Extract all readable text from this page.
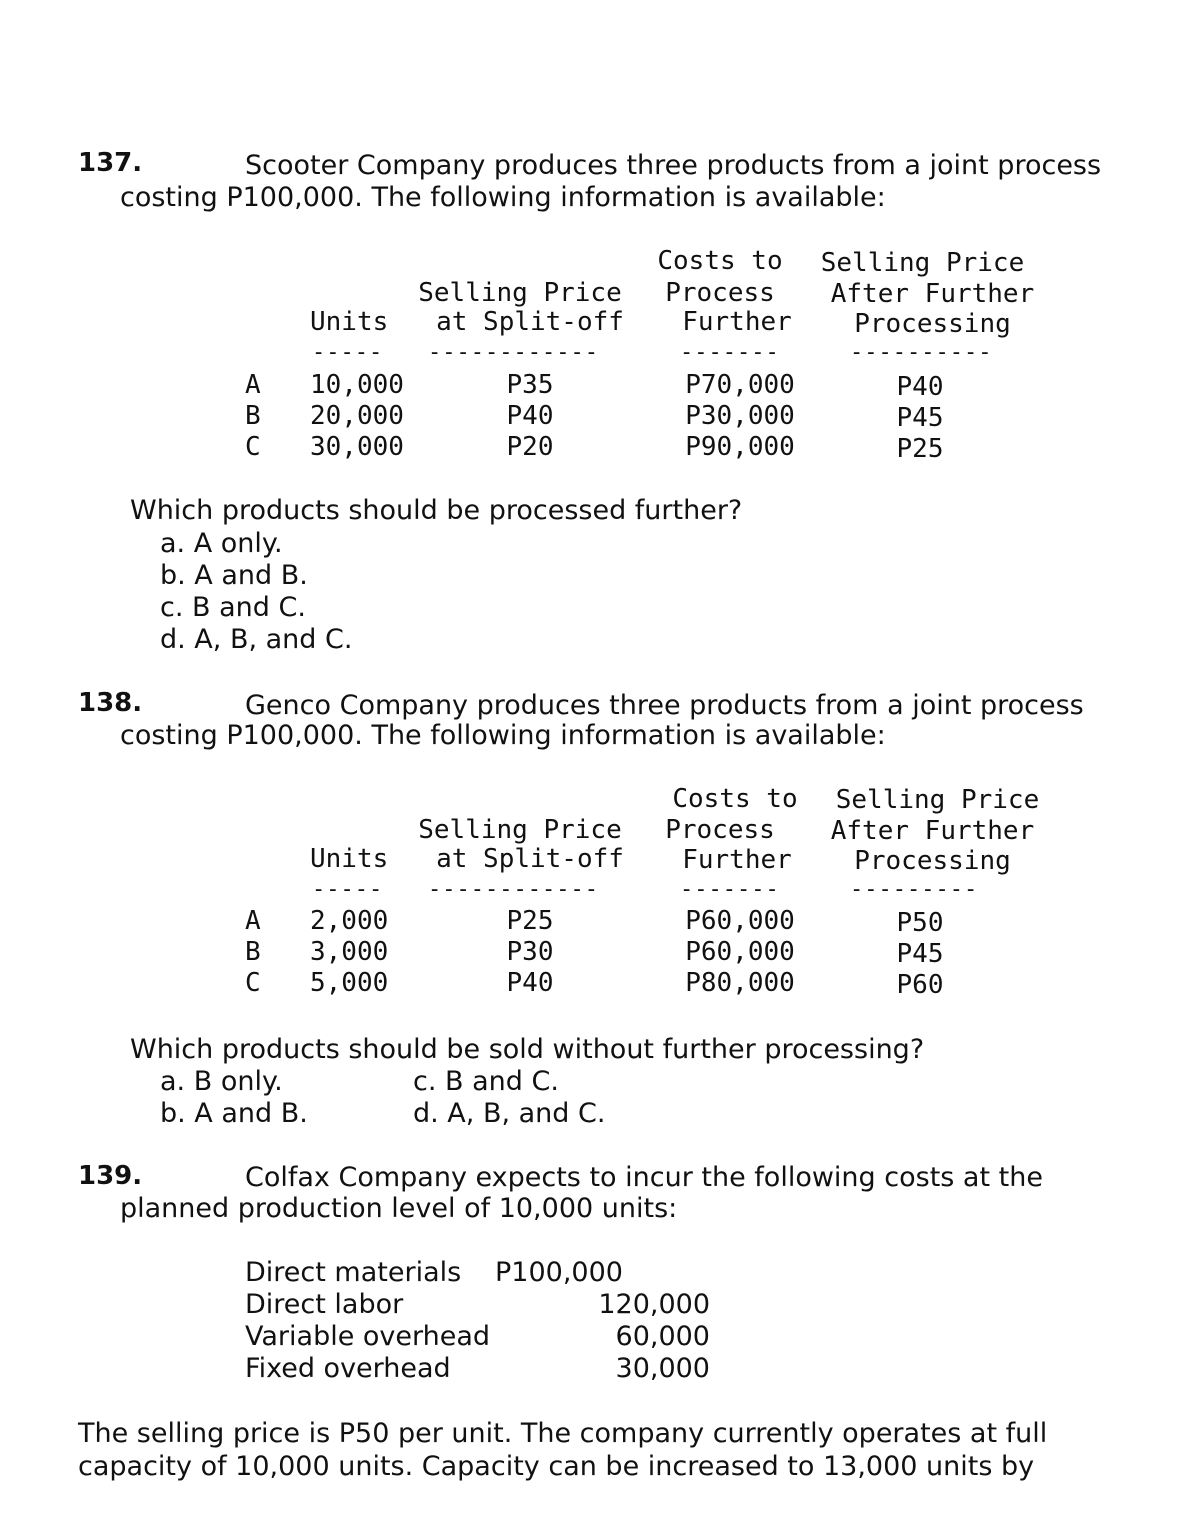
137.	Scooter Company produces three products from a joint process
costing P100,000. The following information is available:
Costs to	Selling Price
Selling Price	Process	After Further
Units	at Split-off	Further	Processing
----- ------------	-------	----------
A 10,000	P35	P70,000	P40
B 20,000	P40	P30,000	P45
C 30,000	P20	P90,000	P25
Which products should be processed further?
a. A only.
b. A and B.
c. B and C.
d. A, B, and C.
138.	Genco Company produces three products from a joint process
costing P100,000. The following information is available:
Costs to	Selling Price
Selling Price	Process	After Further
Units	at Split-off	Further	Processing
----- ------------	-------	---------
A 2,000	P25	P60,000	P50
B 3,000	P30	P60,000	P45
C 5,000	P40	P80,000	P60
Which products should be sold without further processing?
a. B only.	c. B and C.
b. A and B.	d. A, B, and C.
139.	Colfax Company expects to incur the following costs at the
planned production level of 10,000 units:
Direct materials P100,000
Direct labor	120,000
Variable overhead	60,000
Fixed overhead	30,000
The selling price is P50 per unit. The company currently operates at full
capacity of 10,000 units. Capacity can be increased to 13,000 units by
